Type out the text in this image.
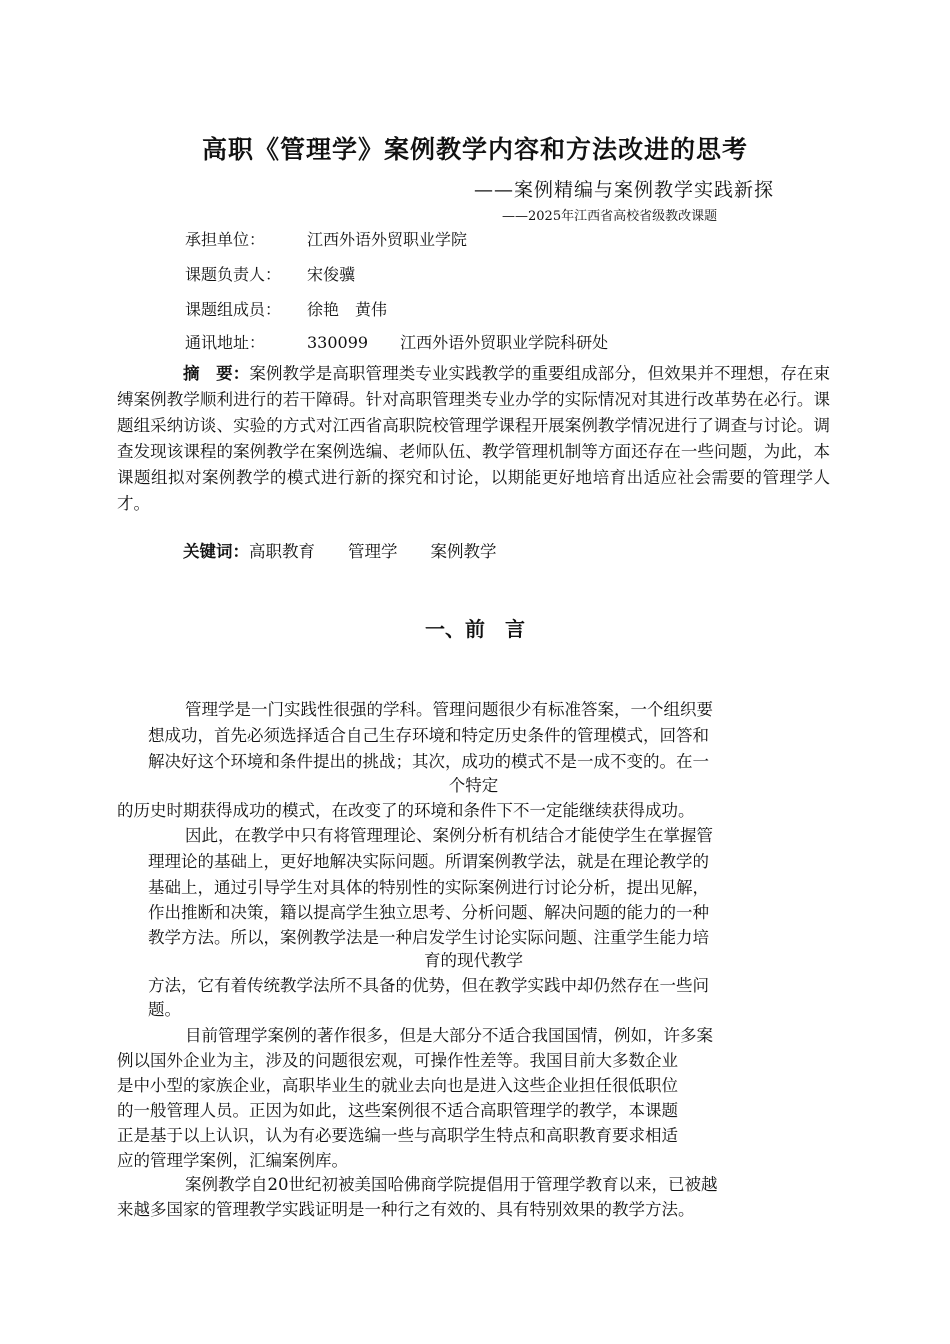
高职《管理学》案例教学内容和方法改进的思考
——案例精编与案例教学实践新探
——2025年江西省高校省级教改课题
承担单位：	江西外语外贸职业学院
课题负责人： 宋俊骥
课题组成员： 徐艳　黄伟
通讯地址：	330099　　江西外语外贸职业学院科研处

摘　要：案例教学是高职管理类专业实践教学的重要组成部分，但效果并不理想，存在束缚案例教学顺利进行的若干障碍。针对高职管理类专业办学的实际情况对其进行改革势在必行。课题组采纳访谈、实验的方式对江西省高职院校管理学课程开展案例教学情况进行了调查与讨论。调查发现该课程的案例教学在案例选编、老师队伍、教学管理机制等方面还存在一些问题，为此，本课题组拟对案例教学的模式进行新的探究和讨论，以期能更好地培育出适应社会需要的管理学人才。

关键词：高职教育　　管理学　　案例教学
一、前　言
管理学是一门实践性很强的学科。管理问题很少有标准答案，一个组织要
想成功，首先必须选择适合自己生存环境和特定历史条件的管理模式，回答和
解决好这个环境和条件提出的挑战；其次，成功的模式不是一成不变的。在一
个特定
的历史时期获得成功的模式，在改变了的环境和条件下不一定能继续获得成功。
因此，在教学中只有将管理理论、案例分析有机结合才能使学生在掌握管
理理论的基础上，更好地解决实际问题。所谓案例教学法，就是在理论教学的
基础上，通过引导学生对具体的特别性的实际案例进行讨论分析，提出见解，
作出推断和决策，籍以提高学生独立思考、分析问题、解决问题的能力的一种
教学方法。所以，案例教学法是一种启发学生讨论实际问题、注重学生能力培
育的现代教学
方法，它有着传统教学法所不具备的优势，但在教学实践中却仍然存在一些问
题。
目前管理学案例的著作很多，但是大部分不适合我国国情，例如，许多案
例以国外企业为主，涉及的问题很宏观，可操作性差等。我国目前大多数企业
是中小型的家族企业，高职毕业生的就业去向也是进入这些企业担任很低职位
的一般管理人员。正因为如此，这些案例很不适合高职管理学的教学，本课题
正是基于以上认识，认为有必要选编一些与高职学生特点和高职教育要求相适
应的管理学案例，汇编案例库。
案例教学自20世纪初被美国哈佛商学院提倡用于管理学教育以来，已被越
来越多国家的管理教学实践证明是一种行之有效的、具有特别效果的教学方法。
